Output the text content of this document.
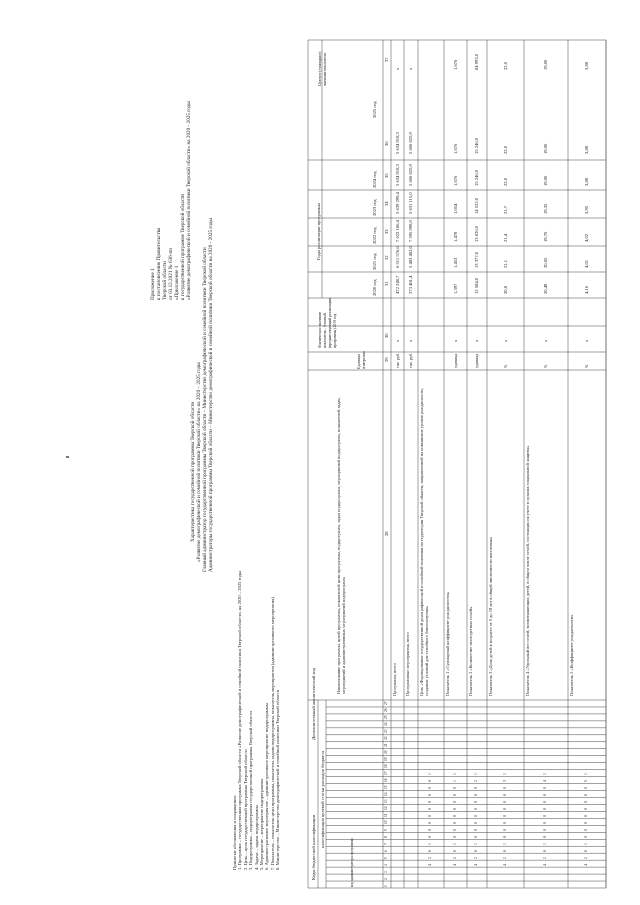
Приложение 1 к постановлению Правительства Тверской области от 03.12.2021 № 636-пп «Приложение 1 к государственной программе Тверской области «Развитие демографической и семейной политики Тверской области» на 2020 - 2025 годы
Характеристика государственной программы Тверской области «Развитие демографической и семейной политики Тверской области» на 2020 – 2025 годы Главный администратор государственной программы Тверской области – Министерство демографической и семейной политики Тверской области Администраторы государственной программы Тверской области – Министерство демографической и семейной политики Тверской области на 2020 - 2025 годы
Принятые обозначения и сокращения: 1. Программа – государственная программа Тверской области «Развитие демографической и семейной политики Тверской области» на 2020 – 2025 годы 2. Цель – цель государственной программы Тверской области 3. Подпрограмма – подпрограмма государственной программы Тверской области 4. Задача – задача подпрограммы 5. Мероприятие – мероприятие подпрограммы 6. Административное мероприятие – административное мероприятие подпрограммы 7. Показатель – показатель цели программы, показатель задачи подпрограммы, показатель мероприятия (административного мероприятия) 8. Министерство – Министерство демографической и семейной политики Тверской области	Коды бюджетной классификации
Дополнительный аналитический код
классификация целевой статьи расходов бюджета
код администратора программы
Наименование программы, целей программы, показателей цели программы, подпрограмм, задач подпрограмм, мероприятий подпрограмм, показателей задач, мероприятий и административных мероприятий подпрограмм
Единица измерения
Фактическое значение показателя – базовый (предшествующий реализации программы) 2019 год
Годы реализации программы
2020 год
2021 год
2022 год
2023 год
2024 год
2025 год
Целевое (суммарное) значение показателя
1
2
3
4
5
6
7
8
9
10
11
12
13
14
15
16
17
18
19
20
21
22
23
24
25
26
27
28
29
30
31
32
33
34
35
36
37
Программа, всего
тыс. руб.
х
472 248,7
6 511 576,6
7 623 186,4
5 639 299,4
5 634 918,3
5 634 918,3
х
Программные мероприятия, всего
тыс. руб.
х
373 481,4
5 483 482,0
7 595 098,0
5 631 115,0
5 606 825,9
5 606 825,9
х
4
2
0
1
0
0
0
0
0
0
0
0
0
1
Цель «Формирование государственной демографической и семейной политики на территории Тверской области, направленной на повышение уровня рождаемости, создание условий для семейного благополучия»
4
2
0
1
0
0
0
0
0
0
0
0
1
1
Показатель 1 «Суммарный коэффициент рождаемости»
единица
х
1,397
1,453
1,478
1,054
1,676
1,676
1,676
4
2
0
1
0
0
0
0
0
0
0
0
2
1
Показатель 2 «Количество многодетных семей»
единица
х
12 584,0
13 377,0
13 826,0
14 522,0
15 246,0
15 246,0
84 993,0
4
2
0
1
0
0
0
0
0
0
0
0
3
1
Показатель 3 «Доля детей в возрасте от 0 до 18 лет в общей численности населения»
%
х
20,8
21,1
21,4
21,7
22,0
22,0
22,0
4
2
0
1
0
0
0
0
0
0
0
0
4
1
Показатель 4 «Удельный вес семей, воспитывающих детей, в общем числе семей, состоящих на учете в органах социальной защиты»
%
х
20,49
20,05
19,70
19,35
19,00
19,00
19,00
4
2
0
1
0
0
0
0
0
0
0
0
5
1
Показатель 5 «Коэффициент рождаемости»
%
х
4,16
4,01
4,02
3,95
3,88
3,88
3,88
